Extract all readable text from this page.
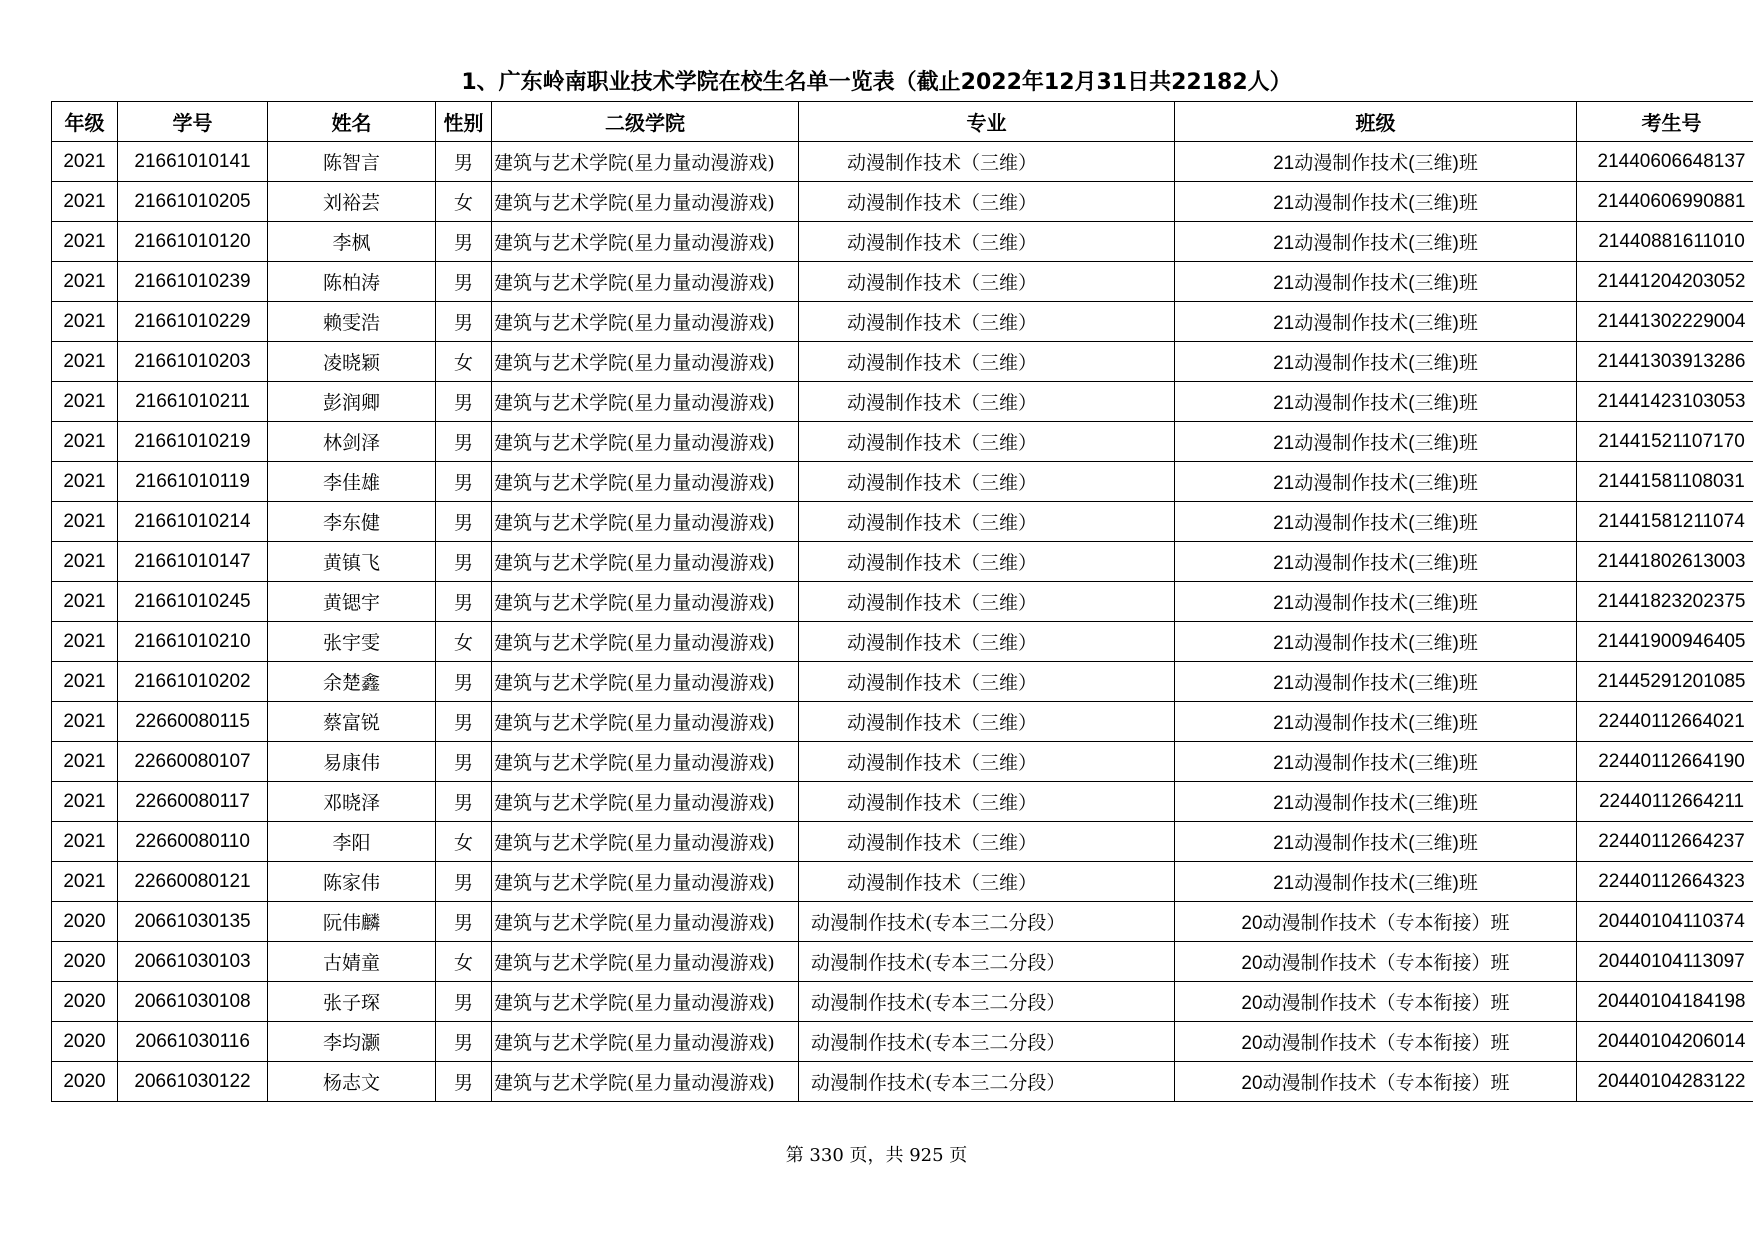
1、广东岭南职业技术学院在校生名单一览表（截止2022年12月31日共22182人）
年级	学号	姓名	性别	二级学院	专业	班级	考生号
2021	21661010141	陈智言	男	建筑与艺术学院(星力量动漫游戏)	动漫制作技术（三维）	21动漫制作技术(三维)班	21440606648137
2021	21661010205	刘裕芸	女	建筑与艺术学院(星力量动漫游戏)	动漫制作技术（三维）	21动漫制作技术(三维)班	21440606990881
2021	21661010120	李枫	男	建筑与艺术学院(星力量动漫游戏)	动漫制作技术（三维）	21动漫制作技术(三维)班	21440881611010
2021	21661010239	陈柏涛	男	建筑与艺术学院(星力量动漫游戏)	动漫制作技术（三维）	21动漫制作技术(三维)班	21441204203052
2021	21661010229	赖雯浩	男	建筑与艺术学院(星力量动漫游戏)	动漫制作技术（三维）	21动漫制作技术(三维)班	21441302229004
2021	21661010203	凌晓颖	女	建筑与艺术学院(星力量动漫游戏)	动漫制作技术（三维）	21动漫制作技术(三维)班	21441303913286
2021	21661010211	彭润卿	男	建筑与艺术学院(星力量动漫游戏)	动漫制作技术（三维）	21动漫制作技术(三维)班	21441423103053
2021	21661010219	林剑泽	男	建筑与艺术学院(星力量动漫游戏)	动漫制作技术（三维）	21动漫制作技术(三维)班	21441521107170
2021	21661010119	李佳雄	男	建筑与艺术学院(星力量动漫游戏)	动漫制作技术（三维）	21动漫制作技术(三维)班	21441581108031
2021	21661010214	李东健	男	建筑与艺术学院(星力量动漫游戏)	动漫制作技术（三维）	21动漫制作技术(三维)班	21441581211074
2021	21661010147	黄镇飞	男	建筑与艺术学院(星力量动漫游戏)	动漫制作技术（三维）	21动漫制作技术(三维)班	21441802613003
2021	21661010245	黄锶宇	男	建筑与艺术学院(星力量动漫游戏)	动漫制作技术（三维）	21动漫制作技术(三维)班	21441823202375
2021	21661010210	张宇雯	女	建筑与艺术学院(星力量动漫游戏)	动漫制作技术（三维）	21动漫制作技术(三维)班	21441900946405
2021	21661010202	余楚鑫	男	建筑与艺术学院(星力量动漫游戏)	动漫制作技术（三维）	21动漫制作技术(三维)班	21445291201085
2021	22660080115	蔡富锐	男	建筑与艺术学院(星力量动漫游戏)	动漫制作技术（三维）	21动漫制作技术(三维)班	22440112664021
2021	22660080107	易康伟	男	建筑与艺术学院(星力量动漫游戏)	动漫制作技术（三维）	21动漫制作技术(三维)班	22440112664190
2021	22660080117	邓晓泽	男	建筑与艺术学院(星力量动漫游戏)	动漫制作技术（三维）	21动漫制作技术(三维)班	22440112664211
2021	22660080110	李阳	女	建筑与艺术学院(星力量动漫游戏)	动漫制作技术（三维）	21动漫制作技术(三维)班	22440112664237
2021	22660080121	陈家伟	男	建筑与艺术学院(星力量动漫游戏)	动漫制作技术（三维）	21动漫制作技术(三维)班	22440112664323
2020	20661030135	阮伟麟	男	建筑与艺术学院(星力量动漫游戏)	动漫制作技术(专本三二分段）	20动漫制作技术（专本衔接）班	20440104110374
2020	20661030103	古婧童	女	建筑与艺术学院(星力量动漫游戏)	动漫制作技术(专本三二分段）	20动漫制作技术（专本衔接）班	20440104113097
2020	20661030108	张子琛	男	建筑与艺术学院(星力量动漫游戏)	动漫制作技术(专本三二分段）	20动漫制作技术（专本衔接）班	20440104184198
2020	20661030116	李均灏	男	建筑与艺术学院(星力量动漫游戏)	动漫制作技术(专本三二分段）	20动漫制作技术（专本衔接）班	20440104206014
2020	20661030122	杨志文	男	建筑与艺术学院(星力量动漫游戏)	动漫制作技术(专本三二分段）	20动漫制作技术（专本衔接）班	20440104283122
第 330 页，共 925 页
